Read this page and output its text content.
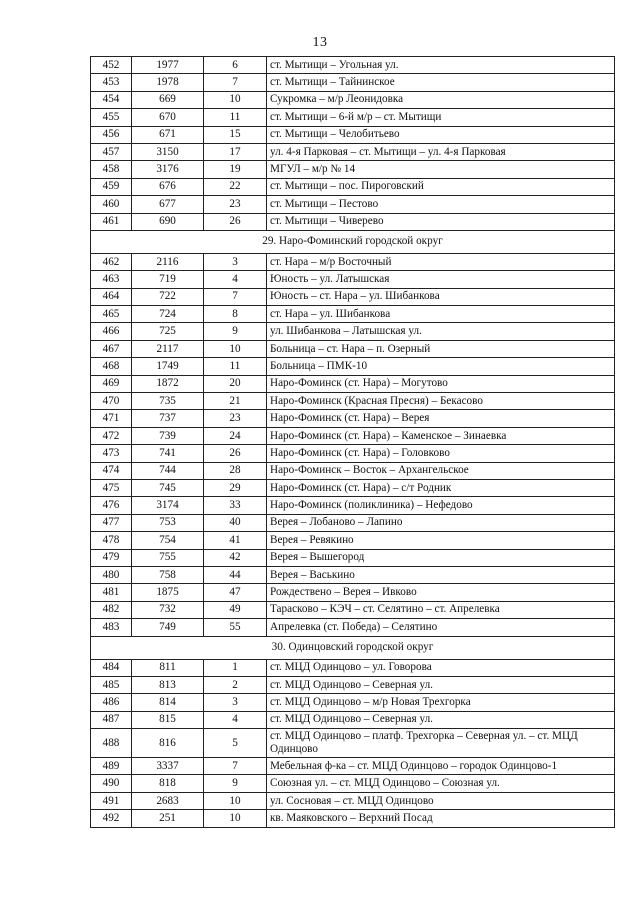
13
452	1977	6	ст. Мытищи – Угольная ул.
453	1978	7	ст. Мытищи – Тайнинское
454	669	10	Сукромка – м/р Леонидовка
455	670	11	ст. Мытищи – 6-й м/р – ст. Мытищи
456	671	15	ст. Мытищи – Челобитьево
457	3150	17	ул. 4-я Парковая – ст. Мытищи – ул. 4-я Парковая
458	3176	19	МГУЛ – м/р № 14
459	676	22	ст. Мытищи – пос. Пироговский
460	677	23	ст. Мытищи – Пестово
461	690	26	ст. Мытищи – Чиверево
29. Наро-Фоминский городской округ			
462	2116	3	ст. Нара – м/р Восточный
463	719	4	Юность – ул. Латышская
464	722	7	Юность – ст. Нара – ул. Шибанкова
465	724	8	ст. Нара – ул. Шибанкова
466	725	9	ул. Шибанкова – Латышская ул.
467	2117	10	Больница – ст. Нара – п. Озерный
468	1749	11	Больница – ПМК-10
469	1872	20	Наро-Фоминск (ст. Нара) – Могутово
470	735	21	Наро-Фоминск (Красная Пресня) – Бекасово
471	737	23	Наро-Фоминск (ст. Нара) – Верея
472	739	24	Наро-Фоминск (ст. Нара) – Каменское – Зинаевка
473	741	26	Наро-Фоминск (ст. Нара) – Головково
474	744	28	Наро-Фоминск – Восток – Архангельское
475	745	29	Наро-Фоминск (ст. Нара) – с/т Родник
476	3174	33	Наро-Фоминск (поликлиника) – Нефедово
477	753	40	Верея – Лобаново – Лапино
478	754	41	Верея – Ревякино
479	755	42	Верея – Вышегород
480	758	44	Верея – Васькино
481	1875	47	Рождествено – Верея – Ивково
482	732	49	Тарасково – КЭЧ – ст. Селятино – ст. Апрелевка
483	749	55	Апрелевка (ст. Победа) – Селятино
30. Одинцовский городской округ			
484	811	1	ст. МЦД Одинцово – ул. Говорова
485	813	2	ст. МЦД Одинцово – Северная ул.
486	814	3	ст. МЦД Одинцово – м/р Новая Трехгорка
487	815	4	ст. МЦД Одинцово – Северная ул.
488	816	5	ст. МЦД Одинцово – платф. Трехгорка – Северная ул. – ст. МЦД Одинцово
489	3337	7	Мебельная ф-ка – ст. МЦД Одинцово – городок Одинцово-1
490	818	9	Союзная ул. – ст. МЦД Одинцово – Союзная ул.
491	2683	10	ул. Сосновая – ст. МЦД Одинцово
492	251	10	кв. Маяковского – Верхний Посад
